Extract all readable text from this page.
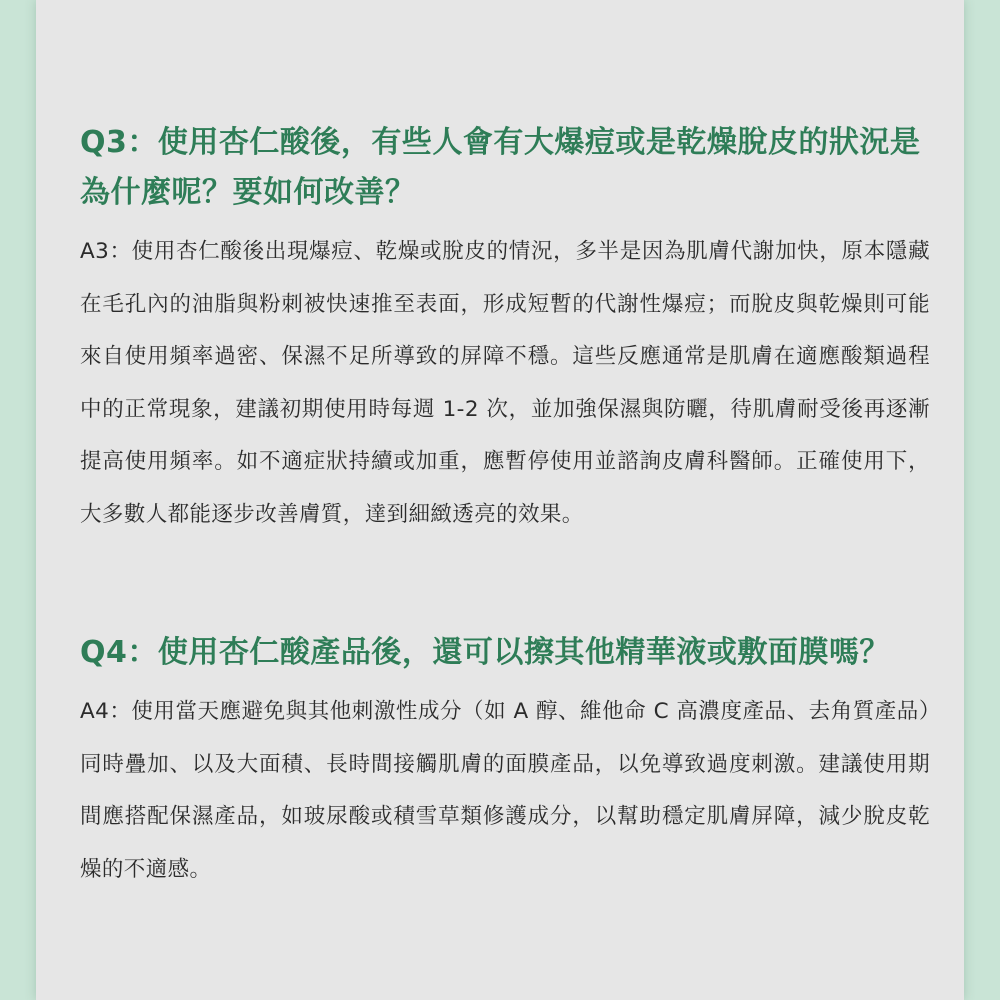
Q3：使用杏仁酸後，有些人會有大爆痘或是乾燥脫皮的狀況是為什麼呢？要如何改善？

A3：使用杏仁酸後出現爆痘、乾燥或脫皮的情況，多半是因為肌膚代謝加快，原本隱藏在毛孔內的油脂與粉刺被快速推至表面，形成短暫的代謝性爆痘；而脫皮與乾燥則可能來自使用頻率過密、保濕不足所導致的屏障不穩。這些反應通常是肌膚在適應酸類過程中的正常現象，建議初期使用時每週 1-2 次，並加強保濕與防曬，待肌膚耐受後再逐漸提高使用頻率。如不適症狀持續或加重，應暫停使用並諮詢皮膚科醫師。正確使用下，大多數人都能逐步改善膚質，達到細緻透亮的效果。

Q4：使用杏仁酸產品後，還可以擦其他精華液或敷面膜嗎？

A4：使用當天應避免與其他刺激性成分（如 A 醇、維他命 C 高濃度產品、去角質產品）同時疊加、以及大面積、長時間接觸肌膚的面膜產品，以免導致過度刺激。建議使用期間應搭配保濕產品，如玻尿酸或積雪草類修護成分，以幫助穩定肌膚屏障，減少脫皮乾燥的不適感。
